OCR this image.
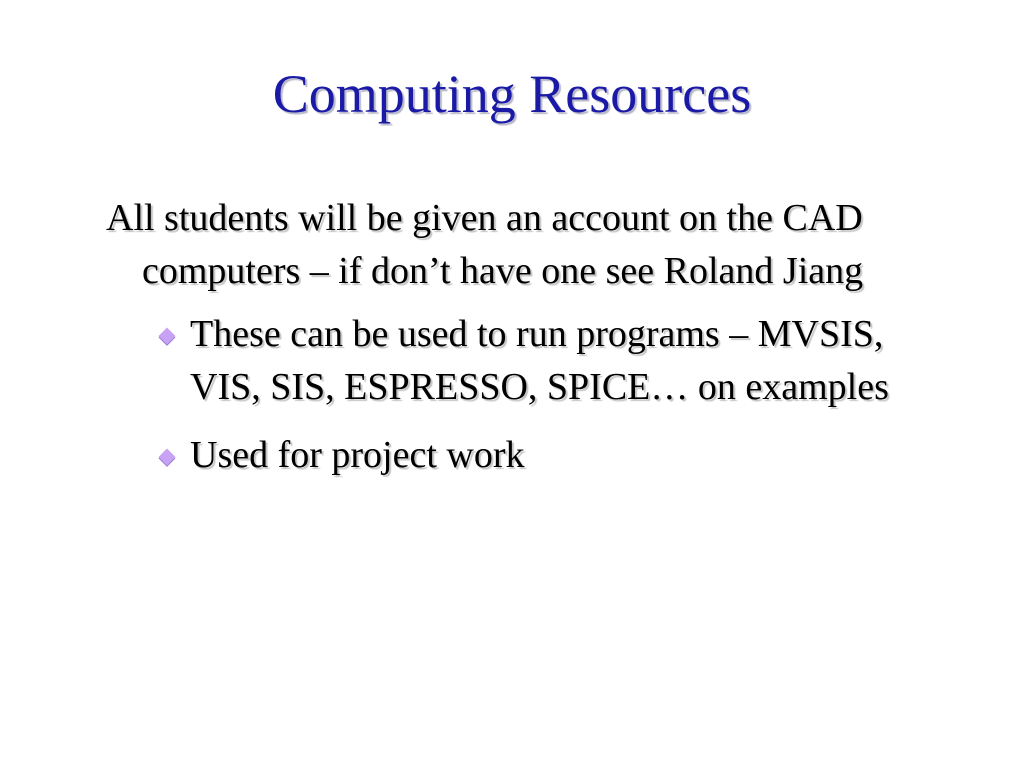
Computing Resources

All students will be given an account on the CAD computers – if don’t have one see Roland Jiang

These can be used to run programs – MVSIS, VIS, SIS, ESPRESSO, SPICE… on examples
Used for project work
